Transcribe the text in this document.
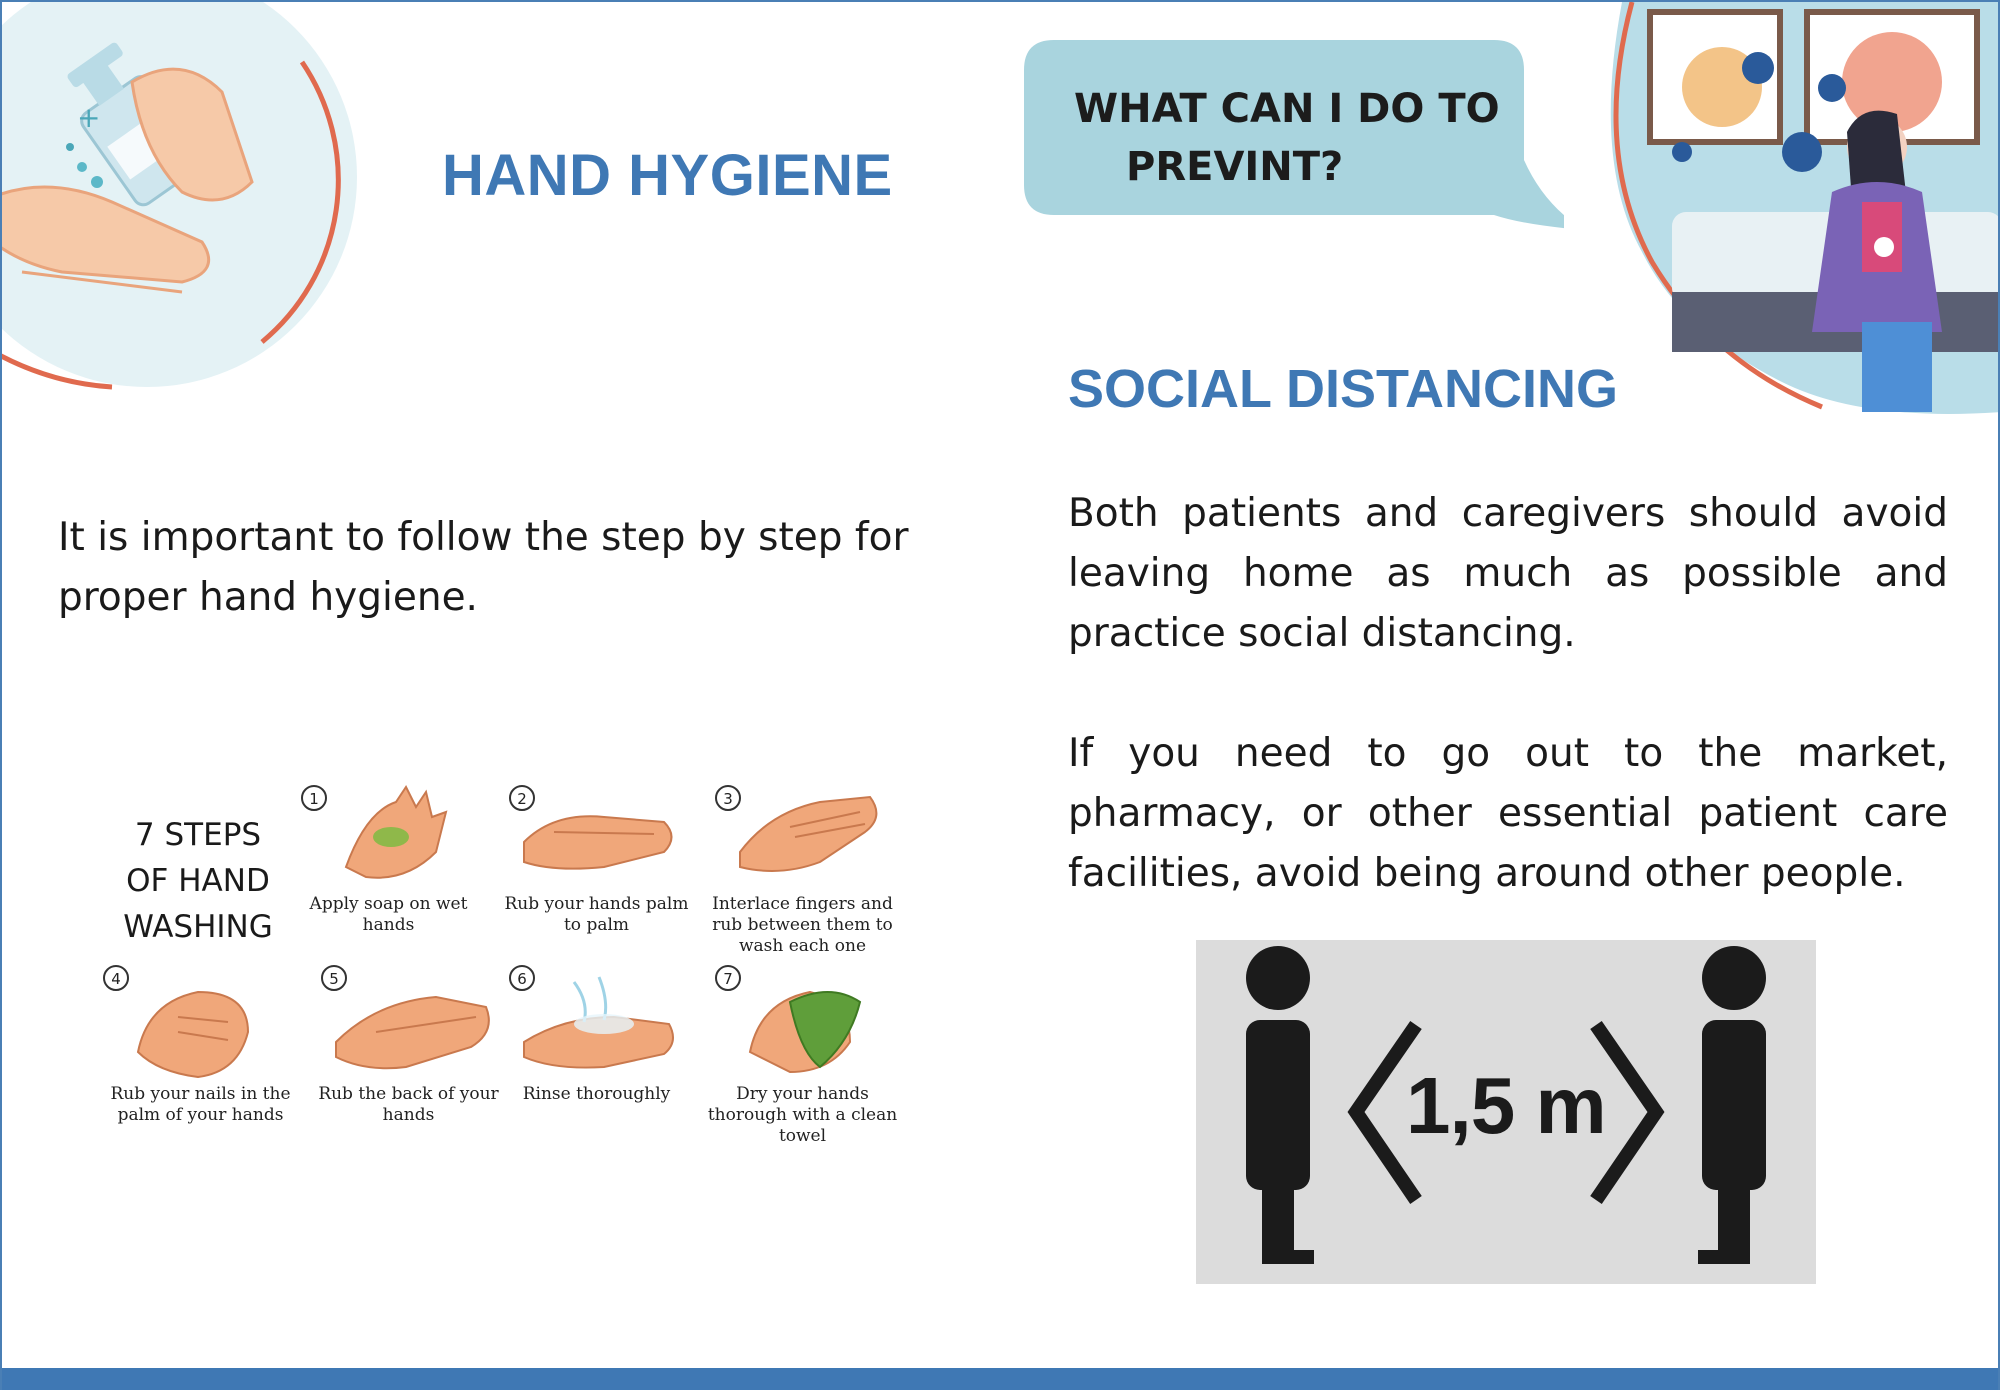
+
HAND HYGIENE
WHAT CAN I DO TO
PREVINT?
SOCIAL DISTANCING

It is important to follow the step by step for proper hand hygiene.

Both patients and caregivers should avoid leaving home as much as possible and practice social distancing.

If you need to go out to the market, pharmacy, or other essential patient care facilities, avoid being around other people.

7 STEPS
OF HAND
WASHING
1
Apply soap on wet hands
2
Rub your hands palm to palm
3
Interlace fingers and rub between them to wash each one
4
Rub your nails in the palm of your hands
5
Rub the back of your hands
6
Rinse thoroughly
7
Dry your hands thorough with a clean towel	1,5 m
